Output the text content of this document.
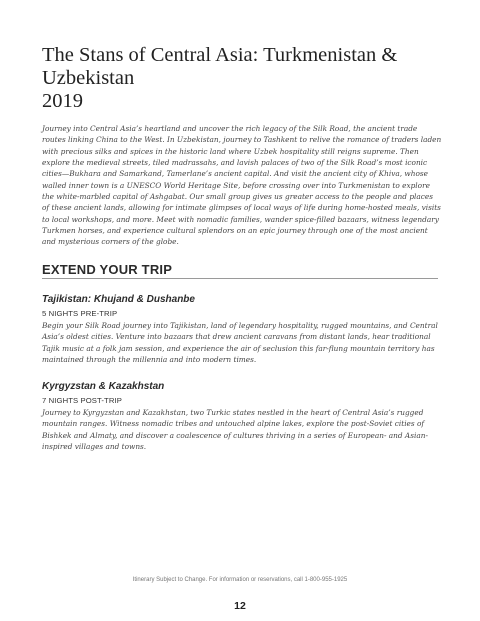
The Stans of Central Asia: Turkmenistan &
Uzbekistan
2019

Journey into Central Asia’s heartland and uncover the rich legacy of the Silk Road, the ancient trade routes linking China to the West. In Uzbekistan, journey to Tashkent to relive the romance of traders laden with precious silks and spices in the historic land where Uzbek hospitality still reigns supreme. Then explore the medieval streets, tiled madrassahs, and lavish palaces of two of the Silk Road’s most iconic cities—Bukhara and Samarkand, Tamerlane’s ancient capital. And visit the ancient city of Khiva, whose walled inner town is a UNESCO World Heritage Site, before crossing over into Turkmenistan to explore the white-marbled capital of Ashgabat. Our small group gives us greater access to the people and places of these ancient lands, allowing for intimate glimpses of local ways of life during home-hosted meals, visits to local workshops, and more. Meet with nomadic families, wander spice-filled bazaars, witness legendary Turkmen horses, and experience cultural splendors on an epic journey through one of the most ancient and mysterious corners of the globe.

EXTEND YOUR TRIP
Tajikistan: Khujand & Dushanbe

5 NIGHTS PRE-TRIP

Begin your Silk Road journey into Tajikistan, land of legendary hospitality, rugged mountains, and Central Asia’s oldest cities. Venture into bazaars that drew ancient caravans from distant lands, hear traditional Tajik music at a folk jam session, and experience the air of seclusion this far-flung mountain territory has maintained through the millennia and into modern times.

Kyrgyzstan & Kazakhstan

7 NIGHTS POST-TRIP

Journey to Kyrgyzstan and Kazakhstan, two Turkic states nestled in the heart of Central Asia’s rugged mountain ranges. Witness nomadic tribes and untouched alpine lakes, explore the post-Soviet cities of Bishkek and Almaty, and discover a coalescence of cultures thriving in a series of European- and Asian-inspired villages and towns.

Itinerary Subject to Change. For information or reservations, call 1-800-955-1925

12
